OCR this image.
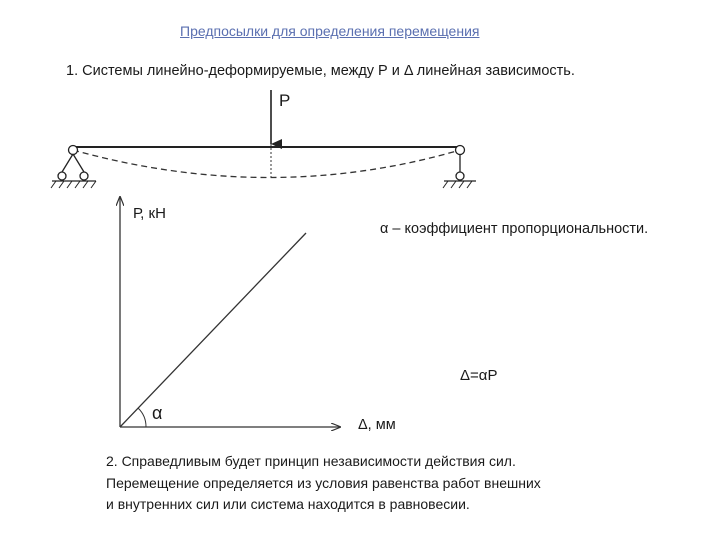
Предпосылки для определения перемещения
1. Системы линейно-деформируемые, между Р и Δ линейная зависимость.
Р
Р, кН
α – коэффициент пропорциональности.
Δ=αР
α
Δ, мм
2. Справедливым будет принцип независимости действия сил.
Перемещение определяется из условия равенства работ внешних
и внутренних сил или система находится в равновесии.
